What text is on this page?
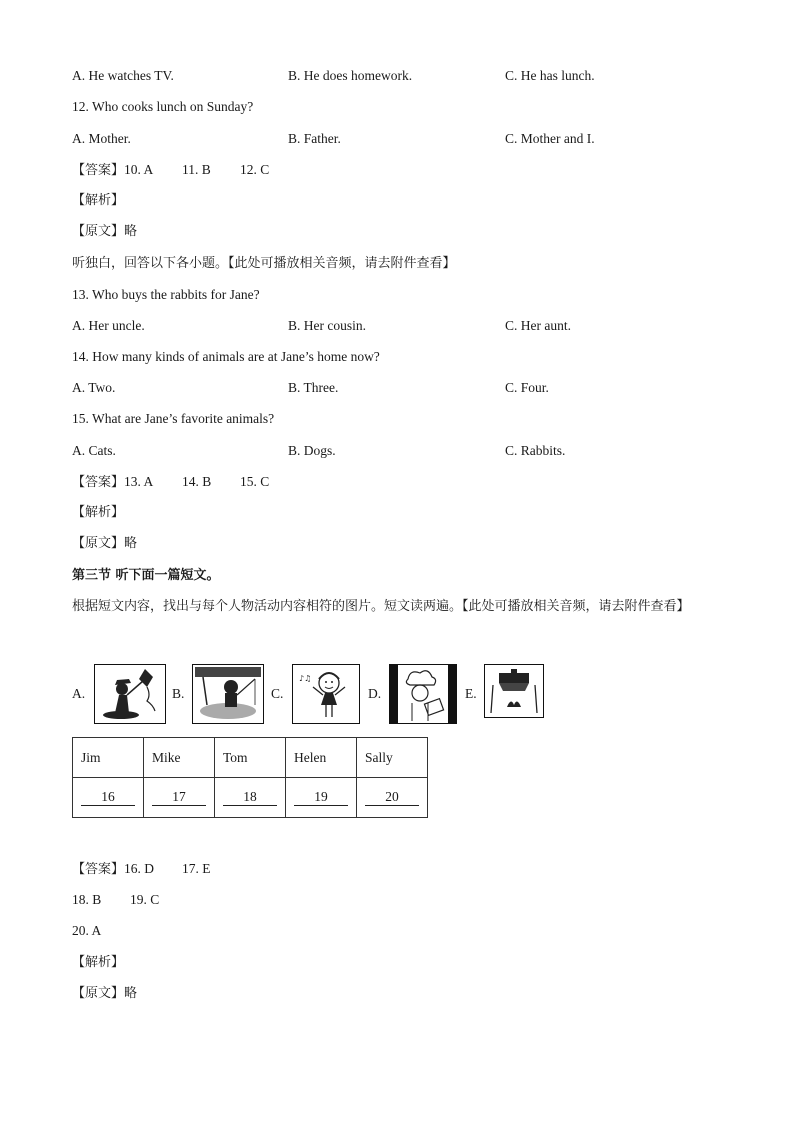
A. He watches TV.	B. He does homework.	C. He has lunch.
12. Who cooks lunch on Sunday?
A. Mother.	B. Father.	C. Mother and I.
【答案】10. A 11. B 12. C
【解析】
【原文】略
听独白，回答以下各小题。【此处可播放相关音频，请去附件查看】
13. Who buys the rabbits for Jane?
A. Her uncle.	B. Her cousin.	C. Her aunt.
14. How many kinds of animals are at Jane’s home now?
A. Two.	B. Three.	C. Four.
15. What are Jane’s favorite animals?
A. Cats.	B. Dogs.	C. Rabbits.
【答案】13. A 14. B 15. C
【解析】
【原文】略
第三节 听下面一篇短文。
根据短文内容，找出与每个人物活动内容相符的图片。短文读两遍。【此处可播放相关音频，请去附件查看】
A.	B.	C.
♪♫
D.	E.
Jim	Mike	Tom	Helen	Sally
16	17	18	19	20
【答案】16. D 17. E
18. B 19. C
20. A
【解析】
【原文】略
